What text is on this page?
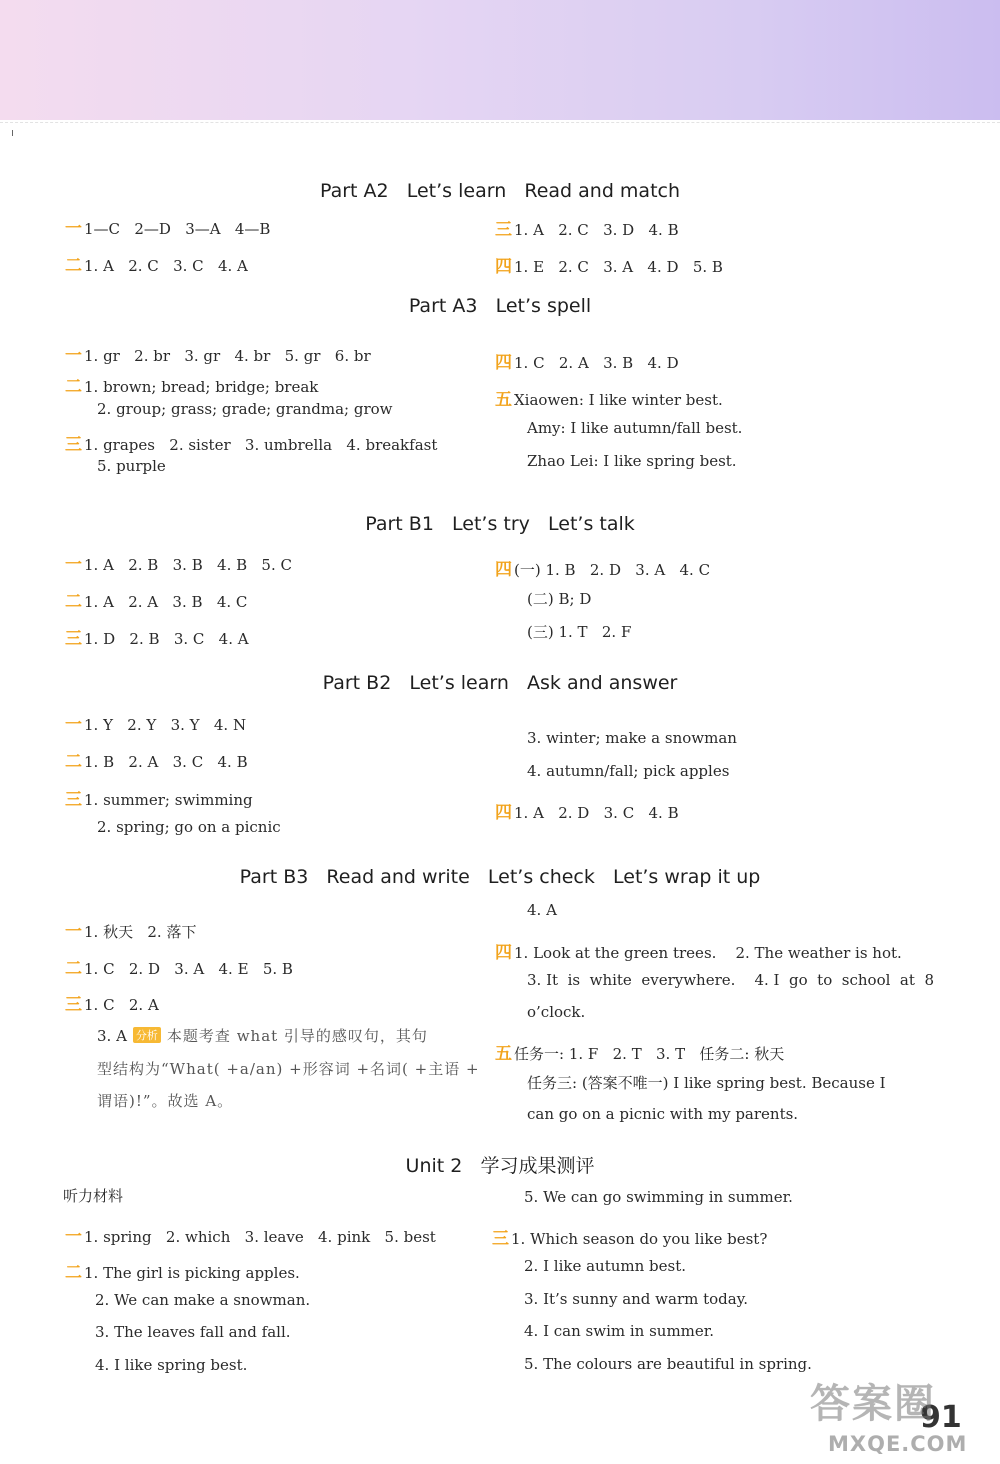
Part A2   Let’s learn   Read and match
一 1—C   2—D   3—A   4—B
二 1. A   2. C   3. C   4. A
三 1. A   2. C   3. D   4. B
四 1. E   2. C   3. A   4. D   5. B
Part A3   Let’s spell
一 1. gr   2. br   3. gr   4. br   5. gr   6. br
二 1. brown; bread; bridge; break
2. group; grass; grade; grandma; grow
三 1. grapes   2. sister   3. umbrella   4. breakfast
5. purple
四 1. C   2. A   3. B   4. D
五 Xiaowen: I like winter best.
Amy: I like autumn/fall best.
Zhao Lei: I like spring best.
Part B1   Let’s try   Let’s talk
一 1. A   2. B   3. B   4. B   5. C
二 1. A   2. A   3. B   4. C
三 1. D   2. B   3. C   4. A
四 (一) 1. B   2. D   3. A   4. C
(二) B; D
(三) 1. T   2. F
Part B2   Let’s learn   Ask and answer
一 1. Y   2. Y   3. Y   4. N
二 1. B   2. A   3. C   4. B
三 1. summer; swimming
2. spring; go on a picnic
3. winter; make a snowman
4. autumn/fall; pick apples
四 1. A   2. D   3. C   4. B
Part B3   Read and write   Let’s check   Let’s wrap it up
一 1. 秋天   2. 落下
二 1. C   2. D   3. A   4. E   5. B
三 1. C   2. A
3. A 分析 本题考查 what 引导的感叹句，其句
型结构为“What( +a/an) +形容词 +名词( +主语 +
谓语)!”。故选 A。
4. A
四 1. Look at the green trees.    2. The weather is hot.
3. It  is  white  everywhere.    4. I  go  to  school  at  8
o’clock.
五 任务一: 1. F   2. T   3. T   任务二: 秋天
任务三: (答案不唯一) I like spring best. Because I
can go on a picnic with my parents.
Unit 2   学习成果测评
听力材料
一 1. spring   2. which   3. leave   4. pink   5. best
二 1. The girl is picking apples.
2. We can make a snowman.
3. The leaves fall and fall.
4. I like spring best.
5. We can go swimming in summer.
三 1. Which season do you like best?
2. I like autumn best.
3. It’s sunny and warm today.
4. I can swim in summer.
5. The colours are beautiful in spring.
91
答案圈
MXQE.COM
